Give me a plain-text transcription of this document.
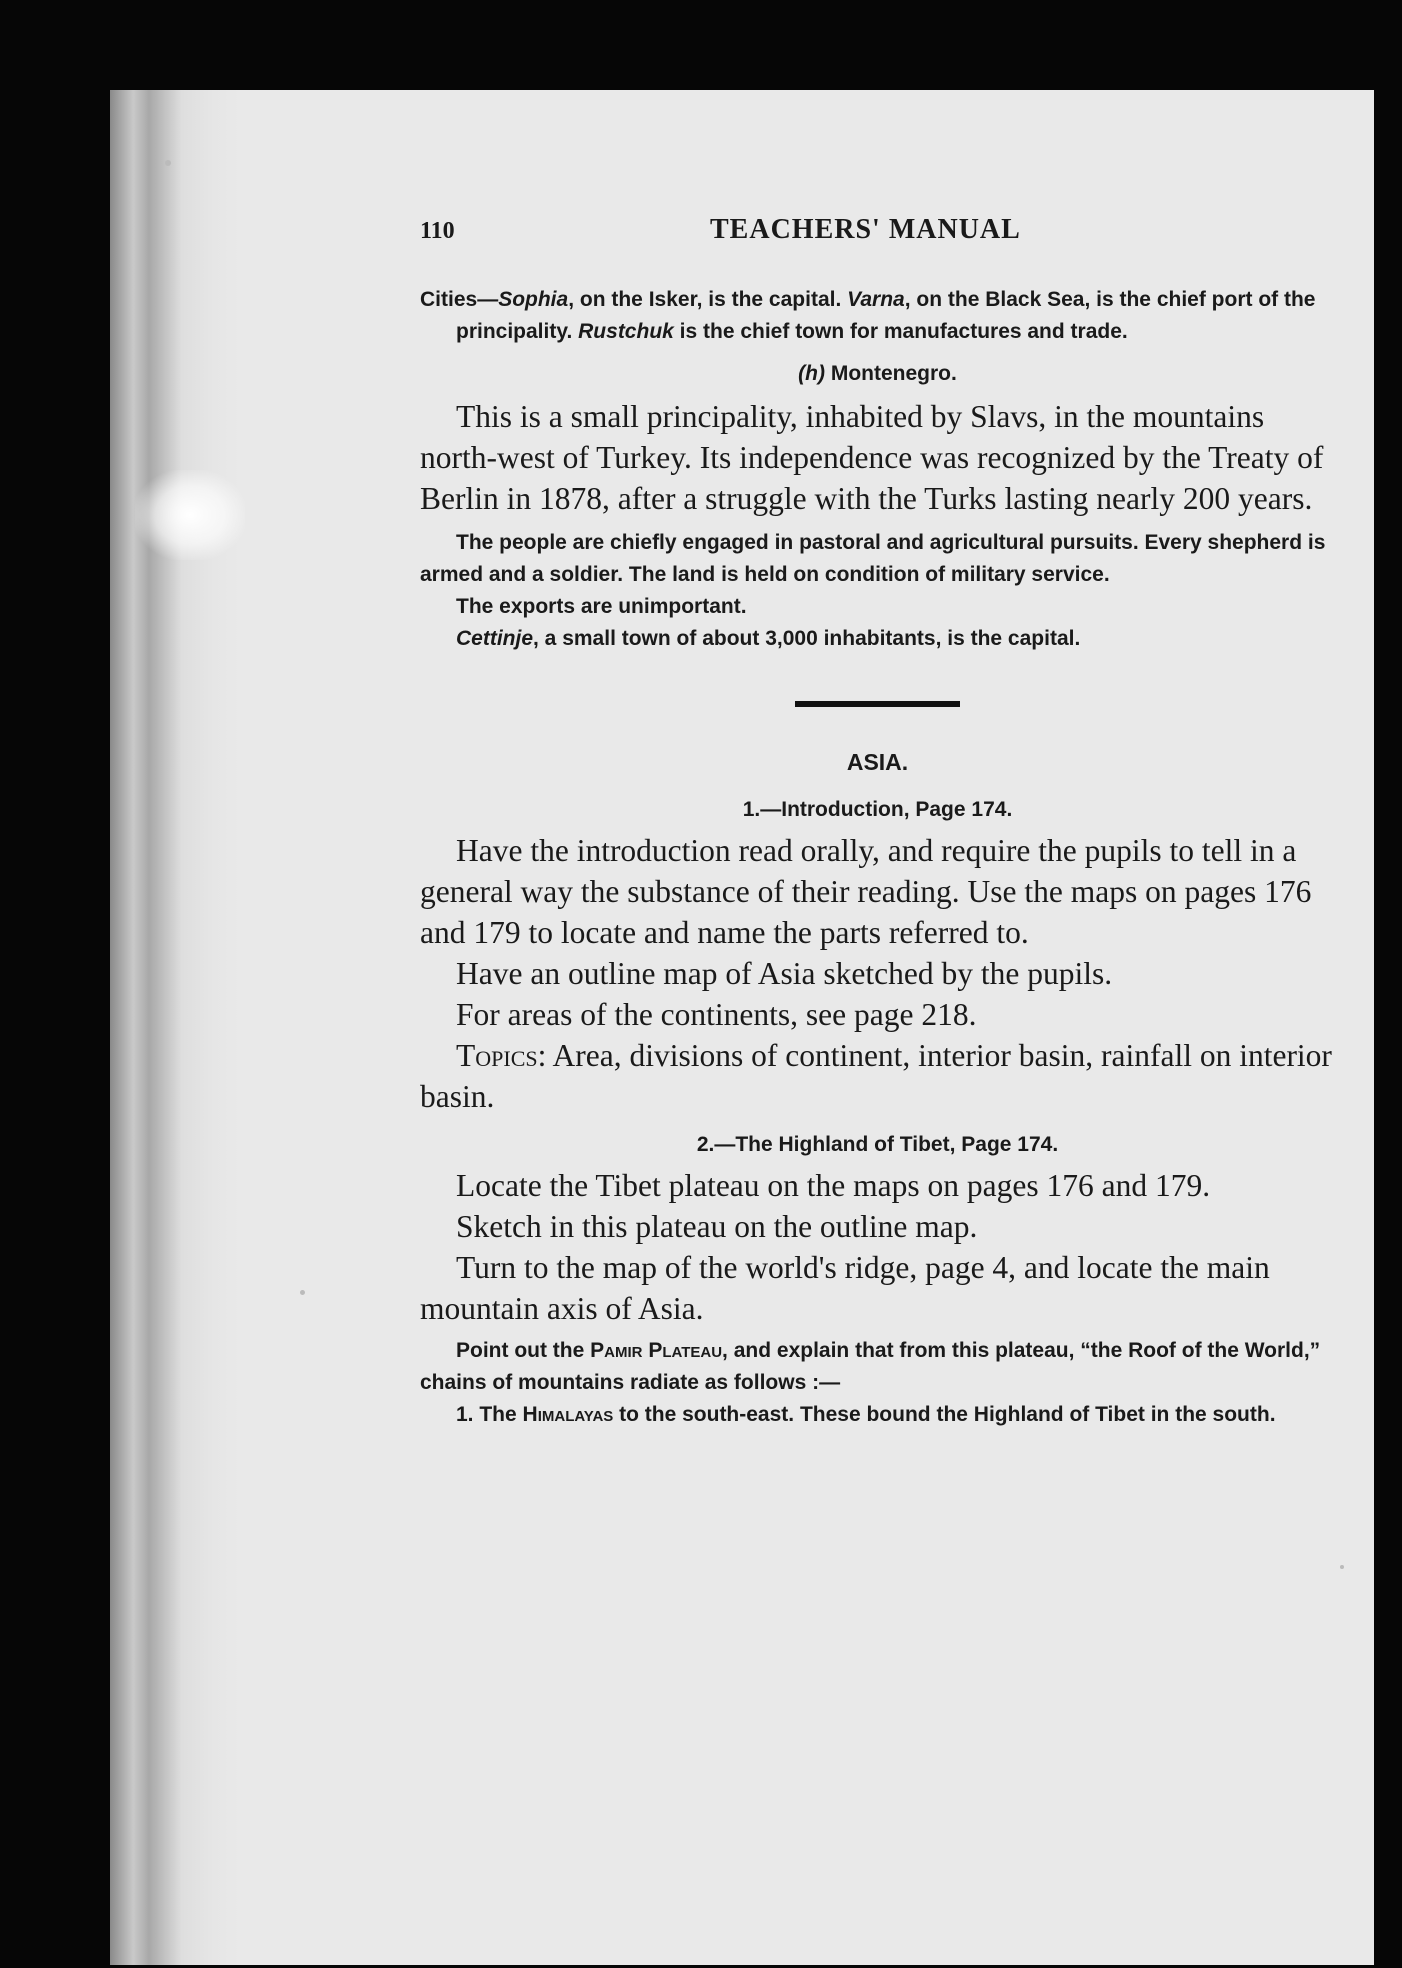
110	TEACHERS' MANUAL

Cities—Sophia, on the Isker, is the capital. Varna, on the Black Sea, is the chief port of the principality. Rustchuk is the chief town for manufactures and trade.

(h) Montenegro.

This is a small principality, inhabited by Slavs, in the mountains north-west of Turkey. Its independence was recognized by the Treaty of Berlin in 1878, after a struggle with the Turks lasting nearly 200 years.

The people are chiefly engaged in pastoral and agricultural pursuits. Every shepherd is armed and a soldier. The land is held on condition of military service.

The exports are unimportant.

Cettinje, a small town of about 3,000 inhabitants, is the capital.

ASIA.

1.—Introduction, Page 174.

Have the introduction read orally, and require the pupils to tell in a general way the substance of their reading. Use the maps on pages 176 and 179 to locate and name the parts referred to.

Have an outline map of Asia sketched by the pupils.

For areas of the continents, see page 218.

Topics: Area, divisions of continent, interior basin, rainfall on interior basin.

2.—The Highland of Tibet, Page 174.

Locate the Tibet plateau on the maps on pages 176 and 179.

Sketch in this plateau on the outline map.

Turn to the map of the world's ridge, page 4, and locate the main mountain axis of Asia.

Point out the Pamir Plateau, and explain that from this plateau, “the Roof of the World,” chains of mountains radiate as follows :—

1. The Himalayas to the south-east. These bound the Highland of Tibet in the south.
